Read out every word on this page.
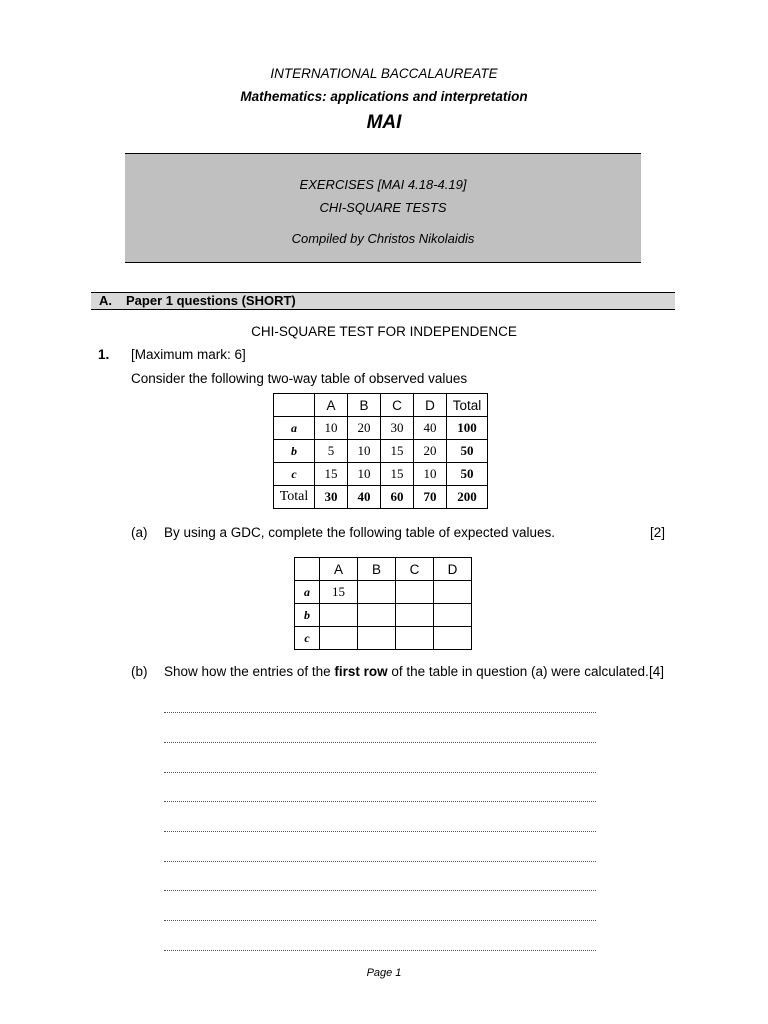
INTERNATIONAL BACCALAUREATE
Mathematics: applications and interpretation
MAI
EXERCISES [MAI 4.18-4.19]
CHI-SQUARE TESTS
Compiled by Christos Nikolaidis
A. Paper 1 questions (SHORT)
CHI-SQUARE TEST FOR INDEPENDENCE
1. [Maximum mark: 6]
Consider the following two-way table of observed values
	A	B	C	D	Total
a	10	20	30	40	100
b	5	10	15	20	50
c	15	10	15	10	50
Total	30	40	60	70	200
(a) By using a GDC, complete the following table of expected values.	[2]
	A	B	C	D
a	15			
b				
c				
(b) Show how the entries of the first row of the table in question (a) were calculated. [4]
Page 1
